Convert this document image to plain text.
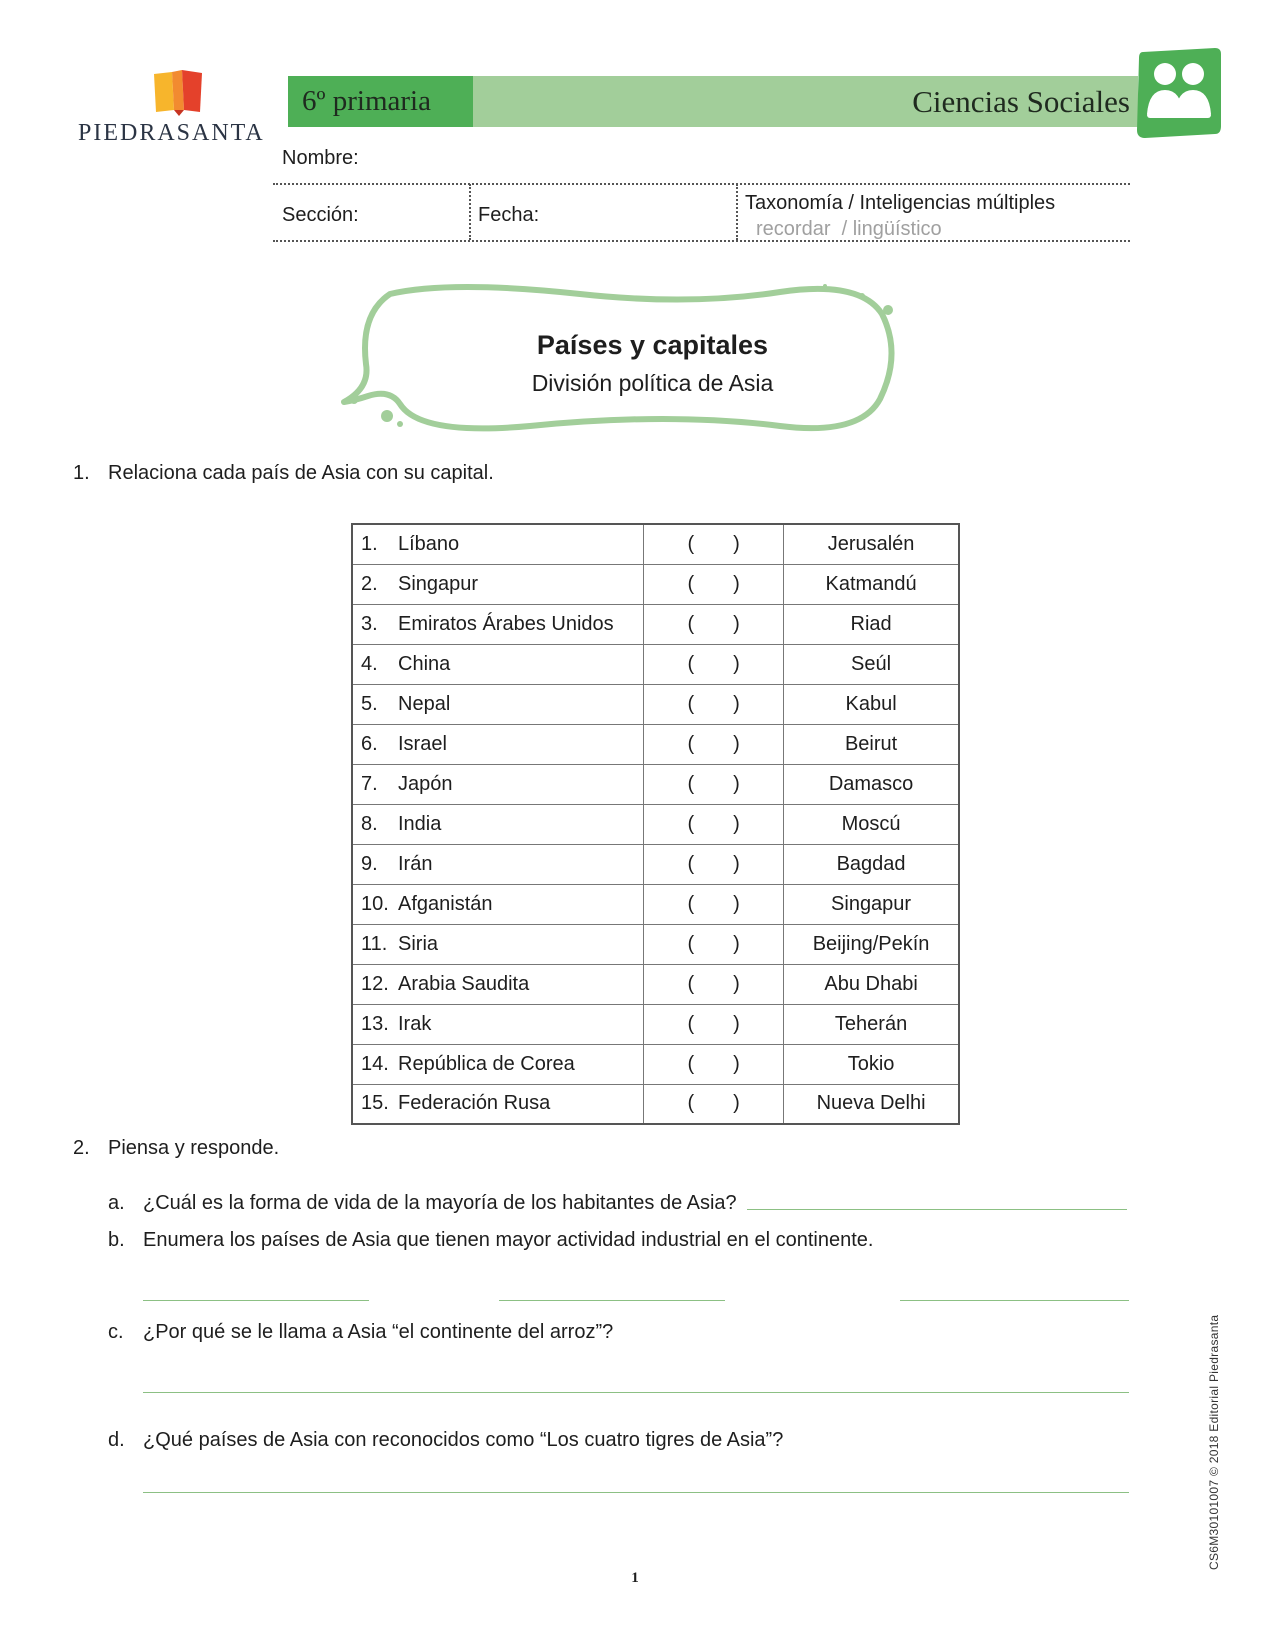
PIEDRASANTA
6º primaria	Ciencias Sociales
Nombre:
Sección:	Fecha:
Taxonomía / Inteligencias múltiples
recordar  / lingüístico
Países y capitales
División política de Asia
1. Relaciona cada país de Asia con su capital.
1. Líbano	(       )	Jerusalén
2. Singapur	(       )	Katmandú
3. Emiratos Árabes Unidos	(       )	Riad
4. China	(       )	Seúl
5. Nepal	(       )	Kabul
6. Israel	(       )	Beirut
7. Japón	(       )	Damasco
8. India	(       )	Moscú
9. Irán	(       )	Bagdad
10. Afganistán	(       )	Singapur
11. Siria	(       )	Beijing/Pekín
12. Arabia Saudita	(       )	Abu Dhabi
13. Irak	(       )	Teherán
14. República de Corea	(       )	Tokio
15. Federación Rusa	(       )	Nueva Delhi
2. Piensa y responde.
a. ¿Cuál es la forma de vida de la mayoría de los habitantes de Asia?
b. Enumera los países de Asia que tienen mayor actividad industrial en el continente.
c. ¿Por qué se le llama a Asia “el continente del arroz”?
d. ¿Qué países de Asia con reconocidos como “Los cuatro tigres de Asia”?
1
CS6M30101007 © 2018 Editorial Piedrasanta
